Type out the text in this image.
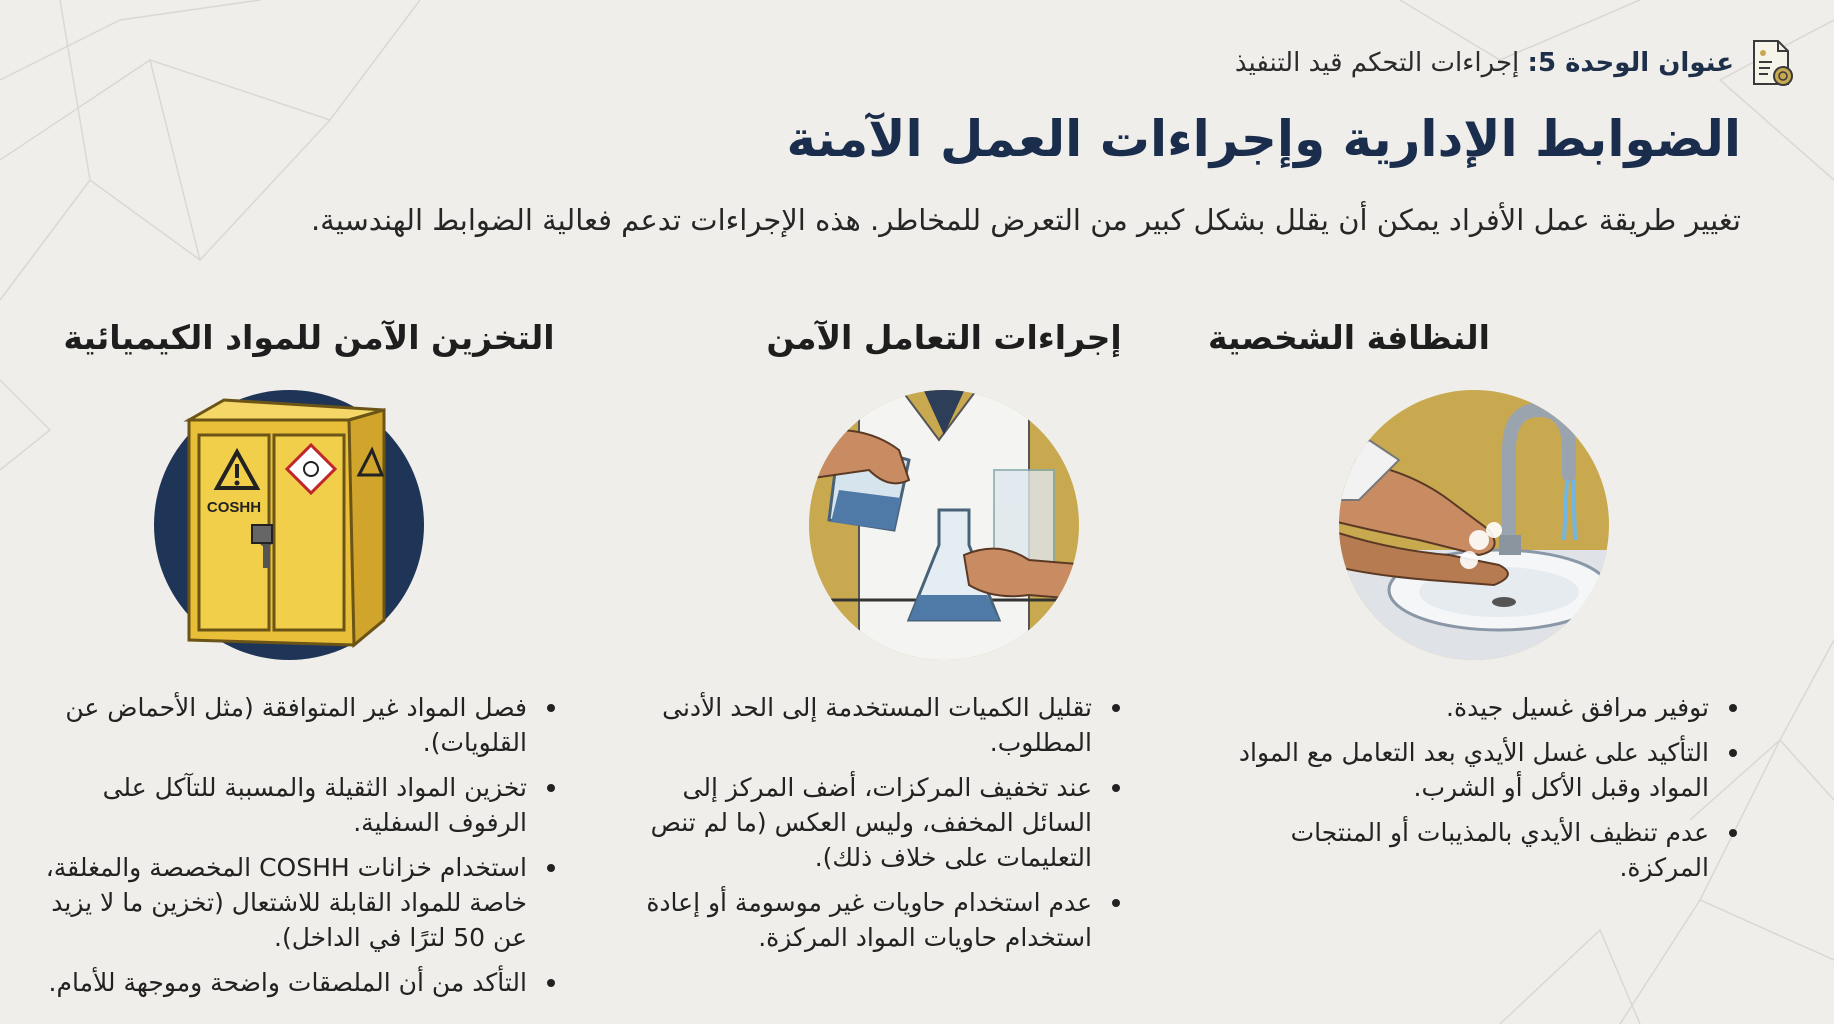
عنوان الوحدة 5: إجراءات التحكم قيد التنفيذ
الضوابط الإدارية وإجراءات العمل الآمنة

تغيير طريقة عمل الأفراد يمكن أن يقلل بشكل كبير من التعرض للمخاطر. هذه الإجراءات تدعم فعالية الضوابط الهندسية.

النظافة الشخصية
توفير مرافق غسيل جيدة.
التأكيد على غسل الأيدي بعد التعامل مع المواد المواد وقبل الأكل أو الشرب.
عدم تنظيف الأيدي بالمذيبات أو المنتجات المركزة.
إجراءات التعامل الآمن
تقليل الكميات المستخدمة إلى الحد الأدنى المطلوب.
عند تخفيف المركزات، أضف المركز إلى السائل المخفف، وليس العكس (ما لم تنص التعليمات على خلاف ذلك).
عدم استخدام حاويات غير موسومة أو إعادة استخدام حاويات المواد المركزة.
التخزين الآمن للمواد الكيميائية
COSHH
فصل المواد غير المتوافقة (مثل الأحماض عن القلويات).
تخزين المواد الثقيلة والمسببة للتآكل على الرفوف السفلية.
استخدام خزانات COSHH المخصصة والمغلقة، خاصة للمواد القابلة للاشتعال (تخزين ما لا يزيد عن 50 لترًا في الداخل).
التأكد من أن الملصقات واضحة وموجهة للأمام.
